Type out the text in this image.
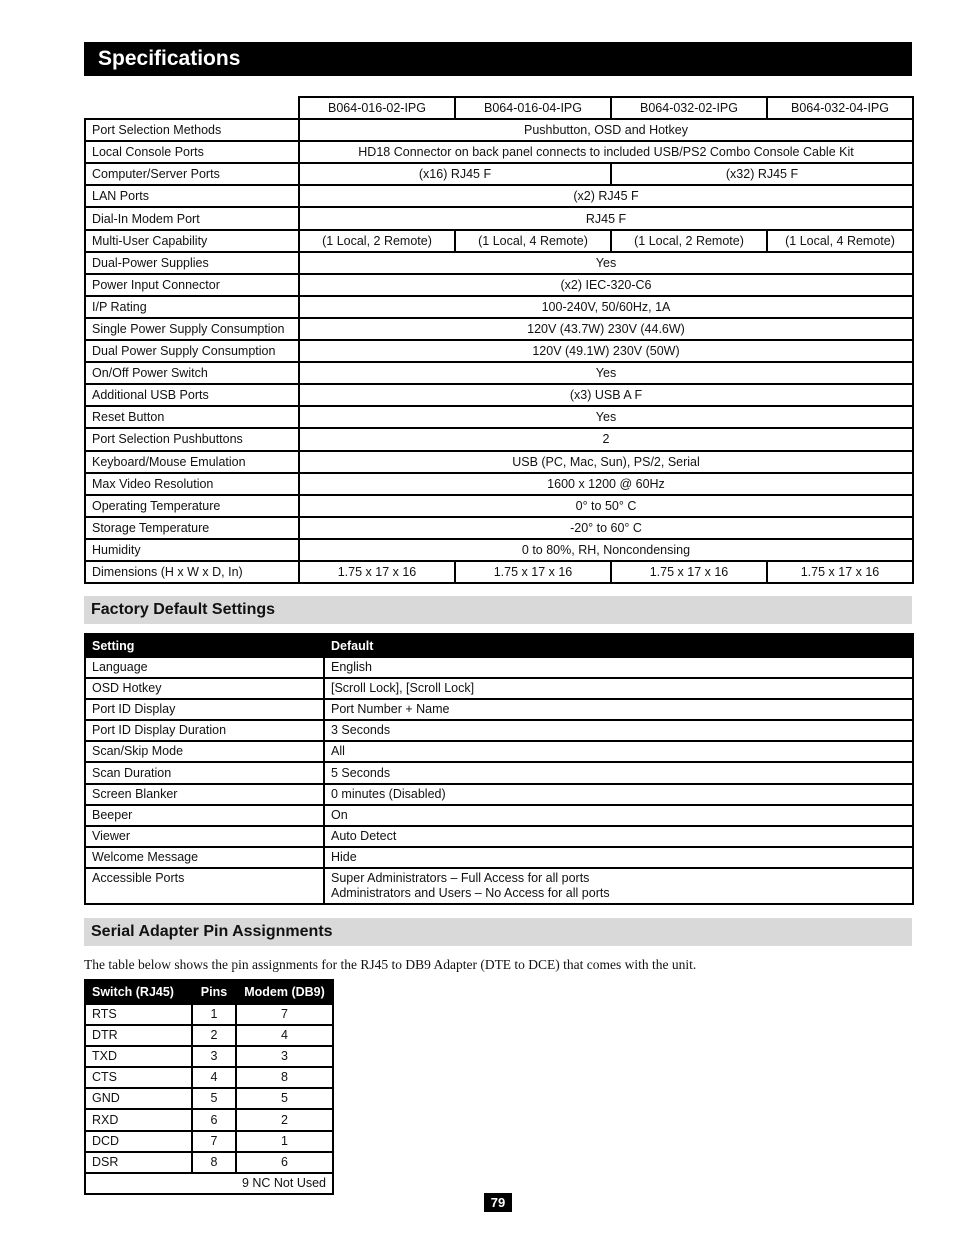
Specifications
	B064-016-02-IPG	B064-016-04-IPG	B064-032-02-IPG	B064-032-04-IPG
Port Selection Methods	Pushbutton, OSD and Hotkey			
Local Console Ports	HD18 Connector on back panel connects to included USB/PS2 Combo Console Cable Kit			
Computer/Server Ports	(x16) RJ45 F		(x32) RJ45 F	
LAN Ports	(x2) RJ45 F			
Dial-In Modem Port	RJ45 F			
Multi-User Capability	(1 Local, 2 Remote)	(1 Local, 4 Remote)	(1 Local, 2 Remote)	(1 Local, 4 Remote)
Dual-Power Supplies	Yes			
Power Input Connector	(x2) IEC-320-C6			
I/P Rating	100-240V, 50/60Hz, 1A			
Single Power Supply Consumption	120V (43.7W) 230V (44.6W)			
Dual Power Supply Consumption	120V (49.1W) 230V (50W)			
On/Off Power Switch	Yes			
Additional USB Ports	(x3) USB A F			
Reset Button	Yes			
Port Selection Pushbuttons	2			
Keyboard/Mouse Emulation	USB (PC, Mac, Sun), PS/2, Serial			
Max Video Resolution	1600 x 1200 @ 60Hz			
Operating Temperature	0° to 50° C			
Storage Temperature	-20° to 60° C			
Humidity	0 to 80%, RH, Noncondensing			
Dimensions (H x W x D, In)	1.75 x 17 x 16	1.75 x 17 x 16	1.75 x 17 x 16	1.75 x 17 x 16
Factory Default Settings
Setting	Default
Language	English
OSD Hotkey	[Scroll Lock], [Scroll Lock]
Port ID Display	Port Number + Name
Port ID Display Duration	3 Seconds
Scan/Skip Mode	All
Scan Duration	5 Seconds
Screen Blanker	0 minutes (Disabled)
Beeper	On
Viewer	Auto Detect
Welcome Message	Hide
Accessible Ports	Super Administrators – Full Access for all ports
Administrators and Users – No Access for all ports
Serial Adapter Pin Assignments
The table below shows the pin assignments for the RJ45 to DB9 Adapter (DTE to DCE) that comes with the unit.
Switch (RJ45)	Pins	Modem (DB9)
RTS	1	7
DTR	2	4
TXD	3	3
CTS	4	8
GND	5	5
RXD	6	2
DCD	7	1
DSR	8	6
9 NC Not Used		
79
